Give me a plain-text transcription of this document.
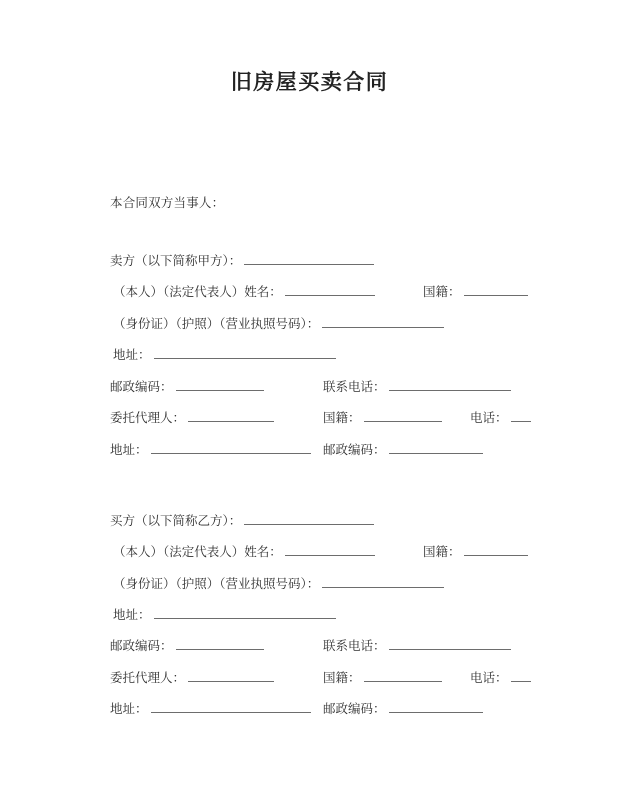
旧房屋买卖合同
本合同双方当事人：
卖方（以下简称甲方）：
（本人）（法定代表人）姓名：	国籍：
（身份证）（护照）（营业执照号码）：
地址：
邮政编码：	联系电话：
委托代理人：	国籍：	电话：
地址：	邮政编码：
买方（以下简称乙方）：
（本人）（法定代表人）姓名：	国籍：
（身份证）（护照）（营业执照号码）：
地址：
邮政编码：	联系电话：
委托代理人：	国籍：	电话：
地址：	邮政编码：
